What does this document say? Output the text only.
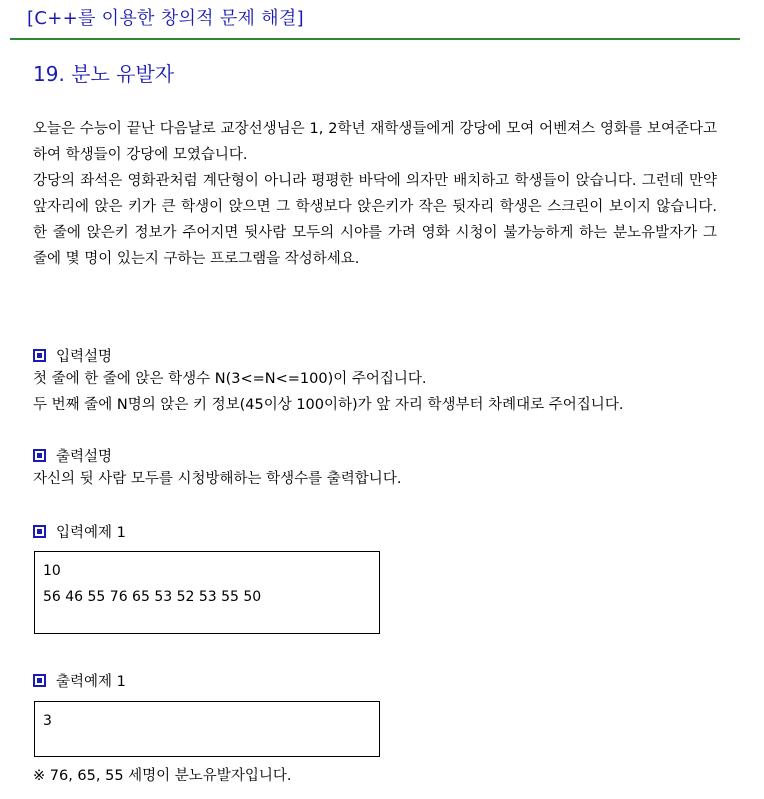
[C++를 이용한 창의적 문제 해결]
19. 분노 유발자

오늘은 수능이 끝난 다음날로 교장선생님은 1, 2학년 재학생들에게 강당에 모여 어벤져스 영화를 보여준다고 하여 학생들이 강당에 모였습니다.

강당의 좌석은 영화관처럼 계단형이 아니라 평평한 바닥에 의자만 배치하고 학생들이 앉습니다. 그런데 만약 앞자리에 앉은 키가 큰 학생이 앉으면 그 학생보다 앉은키가 작은 뒷자리 학생은 스크린이 보이지 않습니다. 한 줄에 앉은키 정보가 주어지면 뒷사람 모두의 시야를 가려 영화 시청이 불가능하게 하는 분노유발자가 그 줄에 몇 명이 있는지 구하는 프로그램을 작성하세요.

입력설명
첫 줄에 한 줄에 앉은 학생수 N(3<=N<=100)이 주어집니다.
두 번째 줄에 N명의 앉은 키 정보(45이상 100이하)가 앞 자리 학생부터 차례대로 주어집니다.
출력설명
자신의 뒷 사람 모두를 시청방해하는 학생수를 출력합니다.
입력예제 1
10
56 46 55 76 65 53 52 53 55 50
출력예제 1
3
※ 76, 65, 55 세명이 분노유발자입니다.
